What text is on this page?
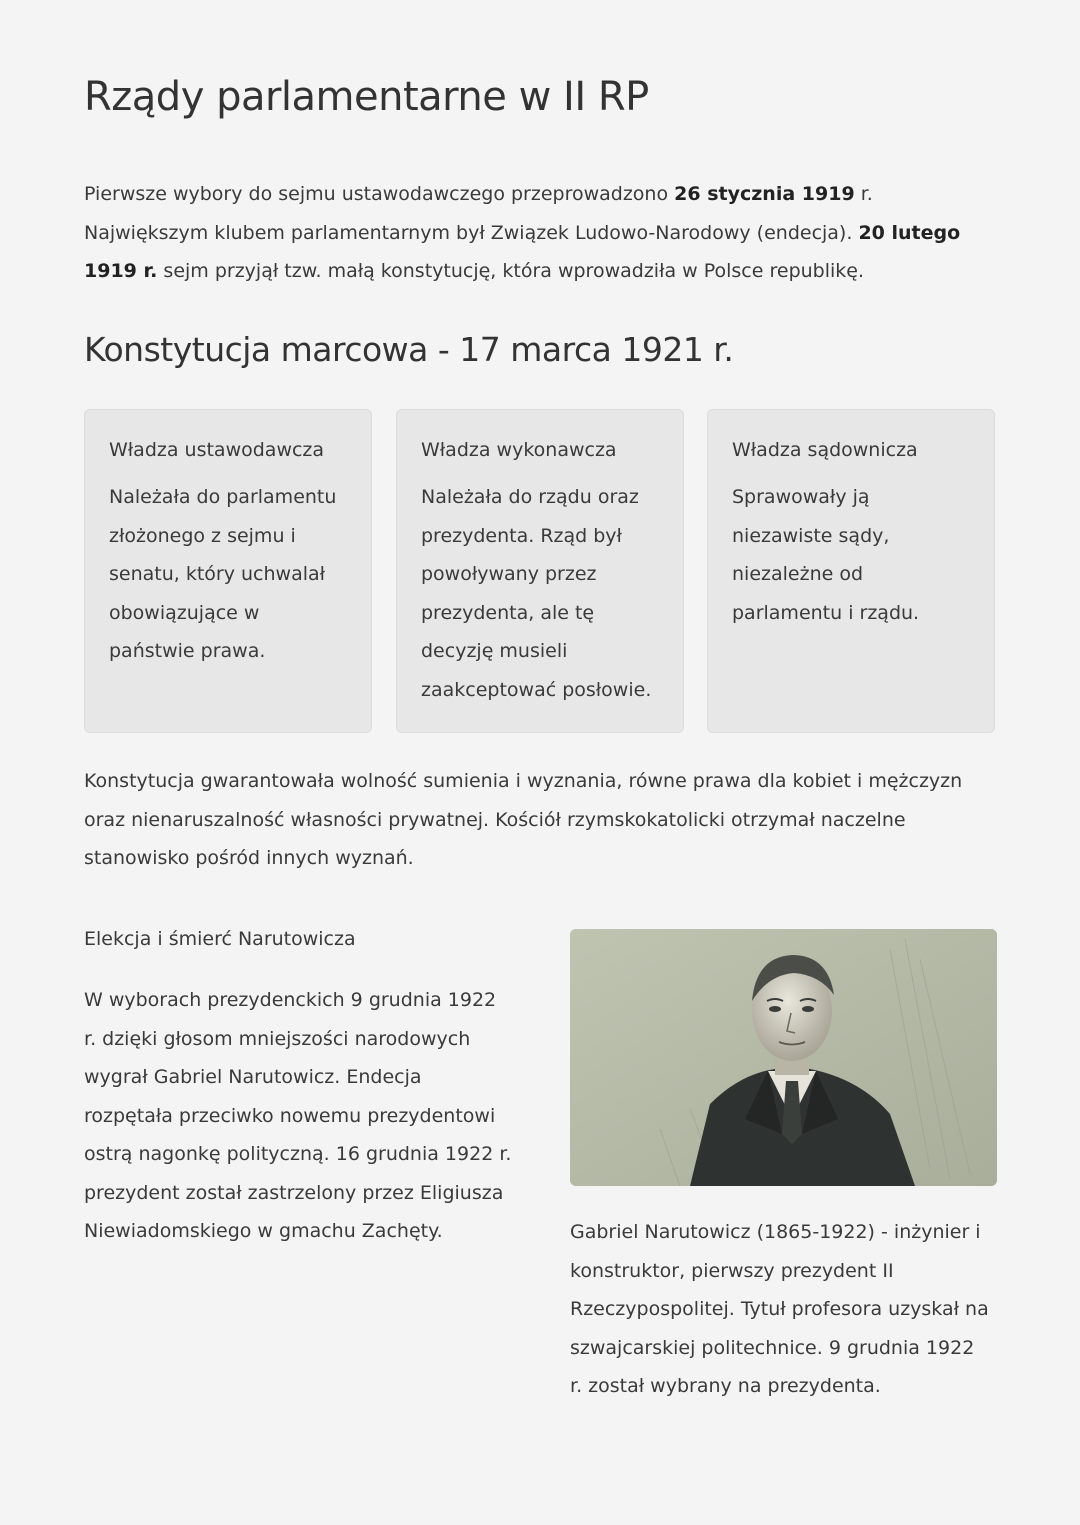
Rządy parlamentarne w II RP

Pierwsze wybory do sejmu ustawodawczego przeprowadzono 26 stycznia 1919 r. Największym klubem parlamentarnym był Związek Ludowo-Narodowy (endecja). 20 lutego 1919 r. sejm przyjął tzw. małą konstytucję, która wprowadziła w Polsce republikę.

Konstytucja marcowa - 17 marca 1921 r.
Władza ustawodawcza
Należała do parlamentu złożonego z sejmu i senatu, który uchwalał obowiązujące w państwie prawa.
Władza wykonawcza
Należała do rządu oraz prezydenta. Rząd był powoływany przez prezydenta, ale tę decyzję musieli zaakceptować posłowie.
Władza sądownicza
Sprawowały ją niezawiste sądy, niezależne od parlamentu i rządu.

Konstytucja gwarantowała wolność sumienia i wyznania, równe prawa dla kobiet i mężczyzn oraz nienaruszalność własności prywatnej. Kościół rzymskokatolicki otrzymał naczelne stanowisko pośród innych wyznań.

Elekcja i śmierć Narutowicza

W wyborach prezydenckich 9 grudnia 1922 r. dzięki głosom mniejszości narodowych wygrał Gabriel Narutowicz. Endecja rozpętała przeciwko nowemu prezydentowi ostrą nagonkę polityczną. 16 grudnia 1922 r. prezydent został zastrzelony przez Eligiusza Niewiadomskiego w gmachu Zachęty.	Gabriel Narutowicz (1865-1922) - inżynier i konstruktor, pierwszy prezydent II Rzeczypospolitej. Tytuł profesora uzyskał na szwajcarskiej politechnice. 9 grudnia 1922 r. został wybrany na prezydenta.
